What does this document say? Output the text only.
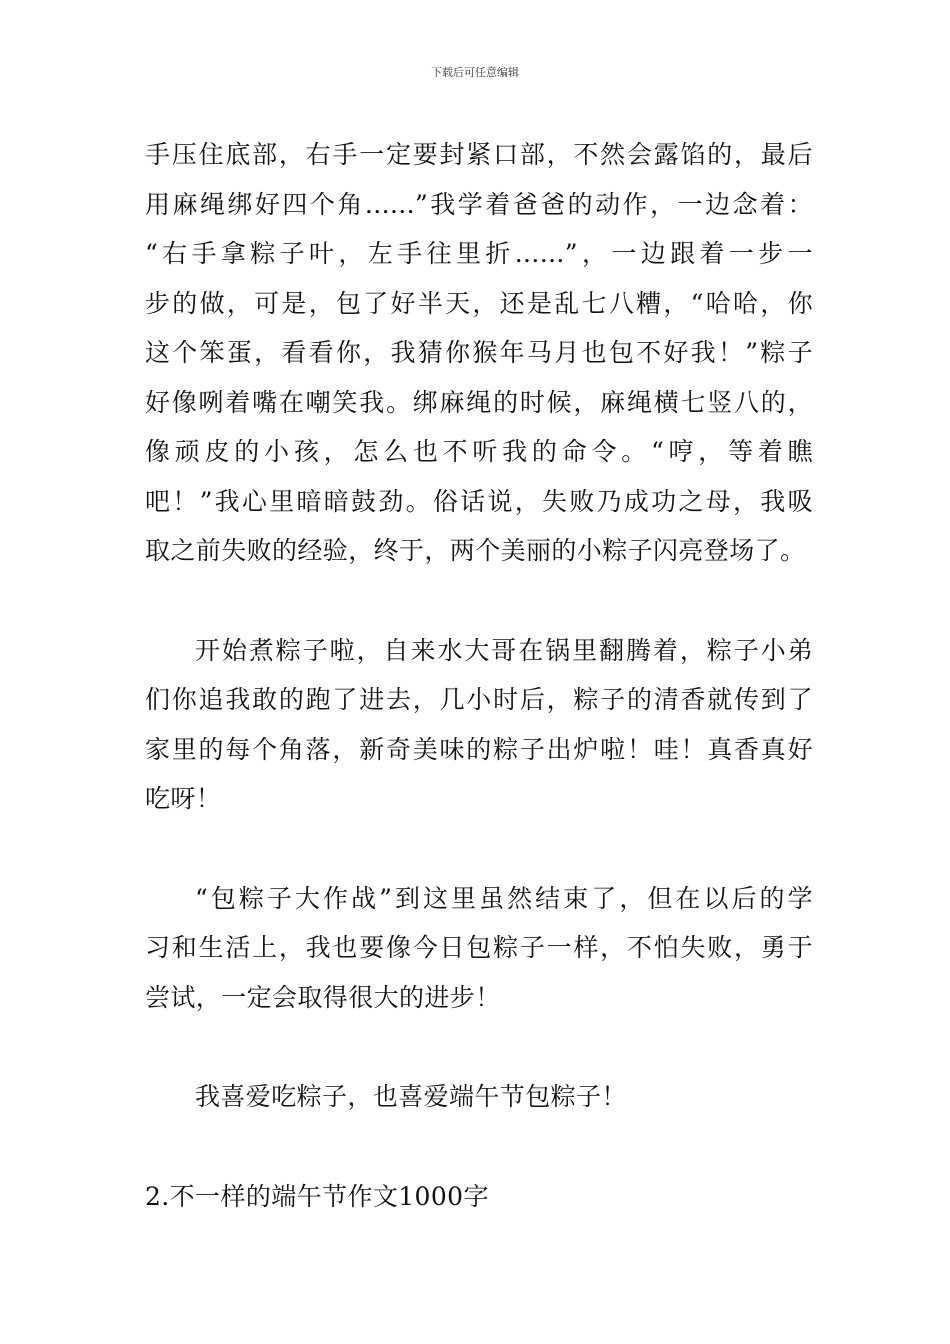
下载后可任意编辑
手压住底部，右手一定要封紧口部，不然会露馅的，最后
用麻绳绑好四个角......”我学着爸爸的动作，一边念着：
“右手拿粽子叶，左手往里折......”，一边跟着一步一
步的做，可是，包了好半天，还是乱七八糟，“哈哈，你
这个笨蛋，看看你，我猜你猴年马月也包不好我！”粽子
好像咧着嘴在嘲笑我。绑麻绳的时候，麻绳横七竖八的，
像顽皮的小孩，怎么也不听我的命令。“哼，等着瞧
吧！”我心里暗暗鼓劲。俗话说，失败乃成功之母，我吸
取之前失败的经验，终于，两个美丽的小粽子闪亮登场了。
开始煮粽子啦，自来水大哥在锅里翻腾着，粽子小弟
们你追我敢的跑了进去，几小时后，粽子的清香就传到了
家里的每个角落，新奇美味的粽子出炉啦！哇！真香真好
吃呀！
“包粽子大作战”到这里虽然结束了，但在以后的学
习和生活上，我也要像今日包粽子一样，不怕失败，勇于
尝试，一定会取得很大的进步！
我喜爱吃粽子，也喜爱端午节包粽子！
2.不一样的端午节作文1000字
